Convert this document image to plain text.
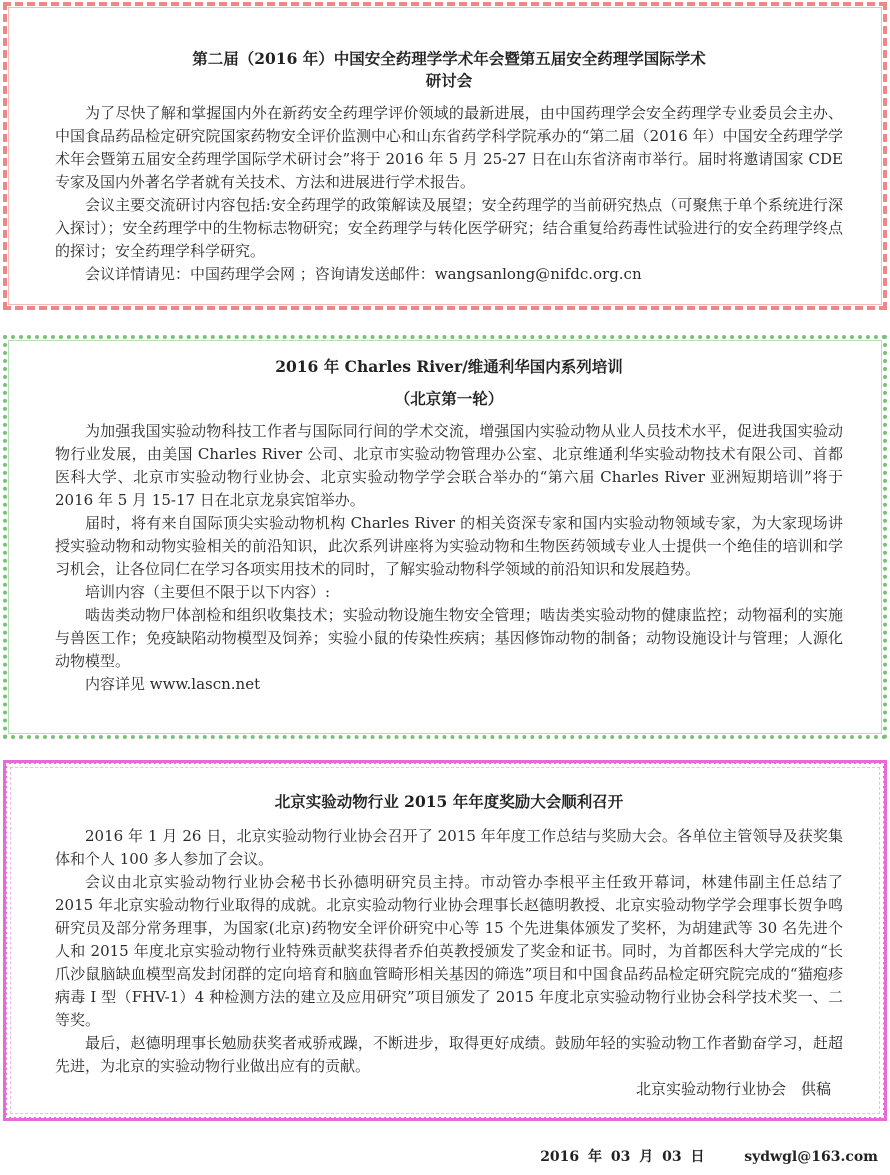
第二届（2016 年）中国安全药理学学术年会暨第五届安全药理学国际学术
研讨会

为了尽快了解和掌握国内外在新药安全药理学评价领域的最新进展，由中国药理学会安全药理学专业委员会主办、中国食品药品检定研究院国家药物安全评价监测中心和山东省药学科学院承办的“第二届（2016 年）中国安全药理学学术年会暨第五届安全药理学国际学术研讨会”将于 2016 年 5 月 25-27 日在山东省济南市举行。届时将邀请国家 CDE 专家及国内外著名学者就有关技术、方法和进展进行学术报告。

会议主要交流研讨内容包括:安全药理学的政策解读及展望；安全药理学的当前研究热点（可聚焦于单个系统进行深入探讨）；安全药理学中的生物标志物研究；安全药理学与转化医学研究；结合重复给药毒性试验进行的安全药理学终点的探讨；安全药理学科学研究。

会议详情请见：中国药理学会网 ；咨询请发送邮件：wangsanlong@nifdc.org.cn

2016 年 Charles River/维通利华国内系列培训
（北京第一轮）

为加强我国实验动物科技工作者与国际同行间的学术交流，增强国内实验动物从业人员技术水平，促进我国实验动物行业发展，由美国 Charles River 公司、北京市实验动物管理办公室、北京维通利华实验动物技术有限公司、首都医科大学、北京市实验动物行业协会、北京实验动物学学会联合举办的“第六届 Charles River 亚洲短期培训”将于 2016 年 5 月 15-17 日在北京龙泉宾馆举办。

届时，将有来自国际顶尖实验动物机构 Charles River 的相关资深专家和国内实验动物领域专家，为大家现场讲授实验动物和动物实验相关的前沿知识，此次系列讲座将为实验动物和生物医药领域专业人士提供一个绝佳的培训和学习机会，让各位同仁在学习各项实用技术的同时，了解实验动物科学领域的前沿知识和发展趋势。

培训内容（主要但不限于以下内容）:

啮齿类动物尸体剖检和组织收集技术；实验动物设施生物安全管理；啮齿类实验动物的健康监控；动物福利的实施与兽医工作；免疫缺陷动物模型及饲养；实验小鼠的传染性疾病；基因修饰动物的制备；动物设施设计与管理；人源化动物模型。

内容详见 www.lascn.net

北京实验动物行业 2015 年年度奖励大会顺利召开

2016 年 1 月 26 日，北京实验动物行业协会召开了 2015 年年度工作总结与奖励大会。各单位主管领导及获奖集体和个人 100 多人参加了会议。

会议由北京实验动物行业协会秘书长孙德明研究员主持。市动管办李根平主任致开幕词，林建伟副主任总结了 2015 年北京实验动物行业取得的成就。北京实验动物行业协会理事长赵德明教授、北京实验动物学学会理事长贺争鸣研究员及部分常务理事，为国家(北京)药物安全评价研究中心等 15 个先进集体颁发了奖杯，为胡建武等 30 名先进个人和 2015 年度北京实验动物行业特殊贡献奖获得者乔伯英教授颁发了奖金和证书。同时，为首都医科大学完成的“长爪沙鼠脑缺血模型高发封闭群的定向培育和脑血管畸形相关基因的筛选”项目和中国食品药品检定研究院完成的“猫疱疹病毒 I 型（FHV-1）4 种检测方法的建立及应用研究”项目颁发了 2015 年度北京实验动物行业协会科学技术奖一、二等奖。

最后，赵德明理事长勉励获奖者戒骄戒躁，不断进步，取得更好成绩。鼓励年轻的实验动物工作者勤奋学习，赶超先进，为北京的实验动物行业做出应有的贡献。

北京实验动物行业协会　供稿
2016 年 03 月 03 日	sydwgl@163.com
